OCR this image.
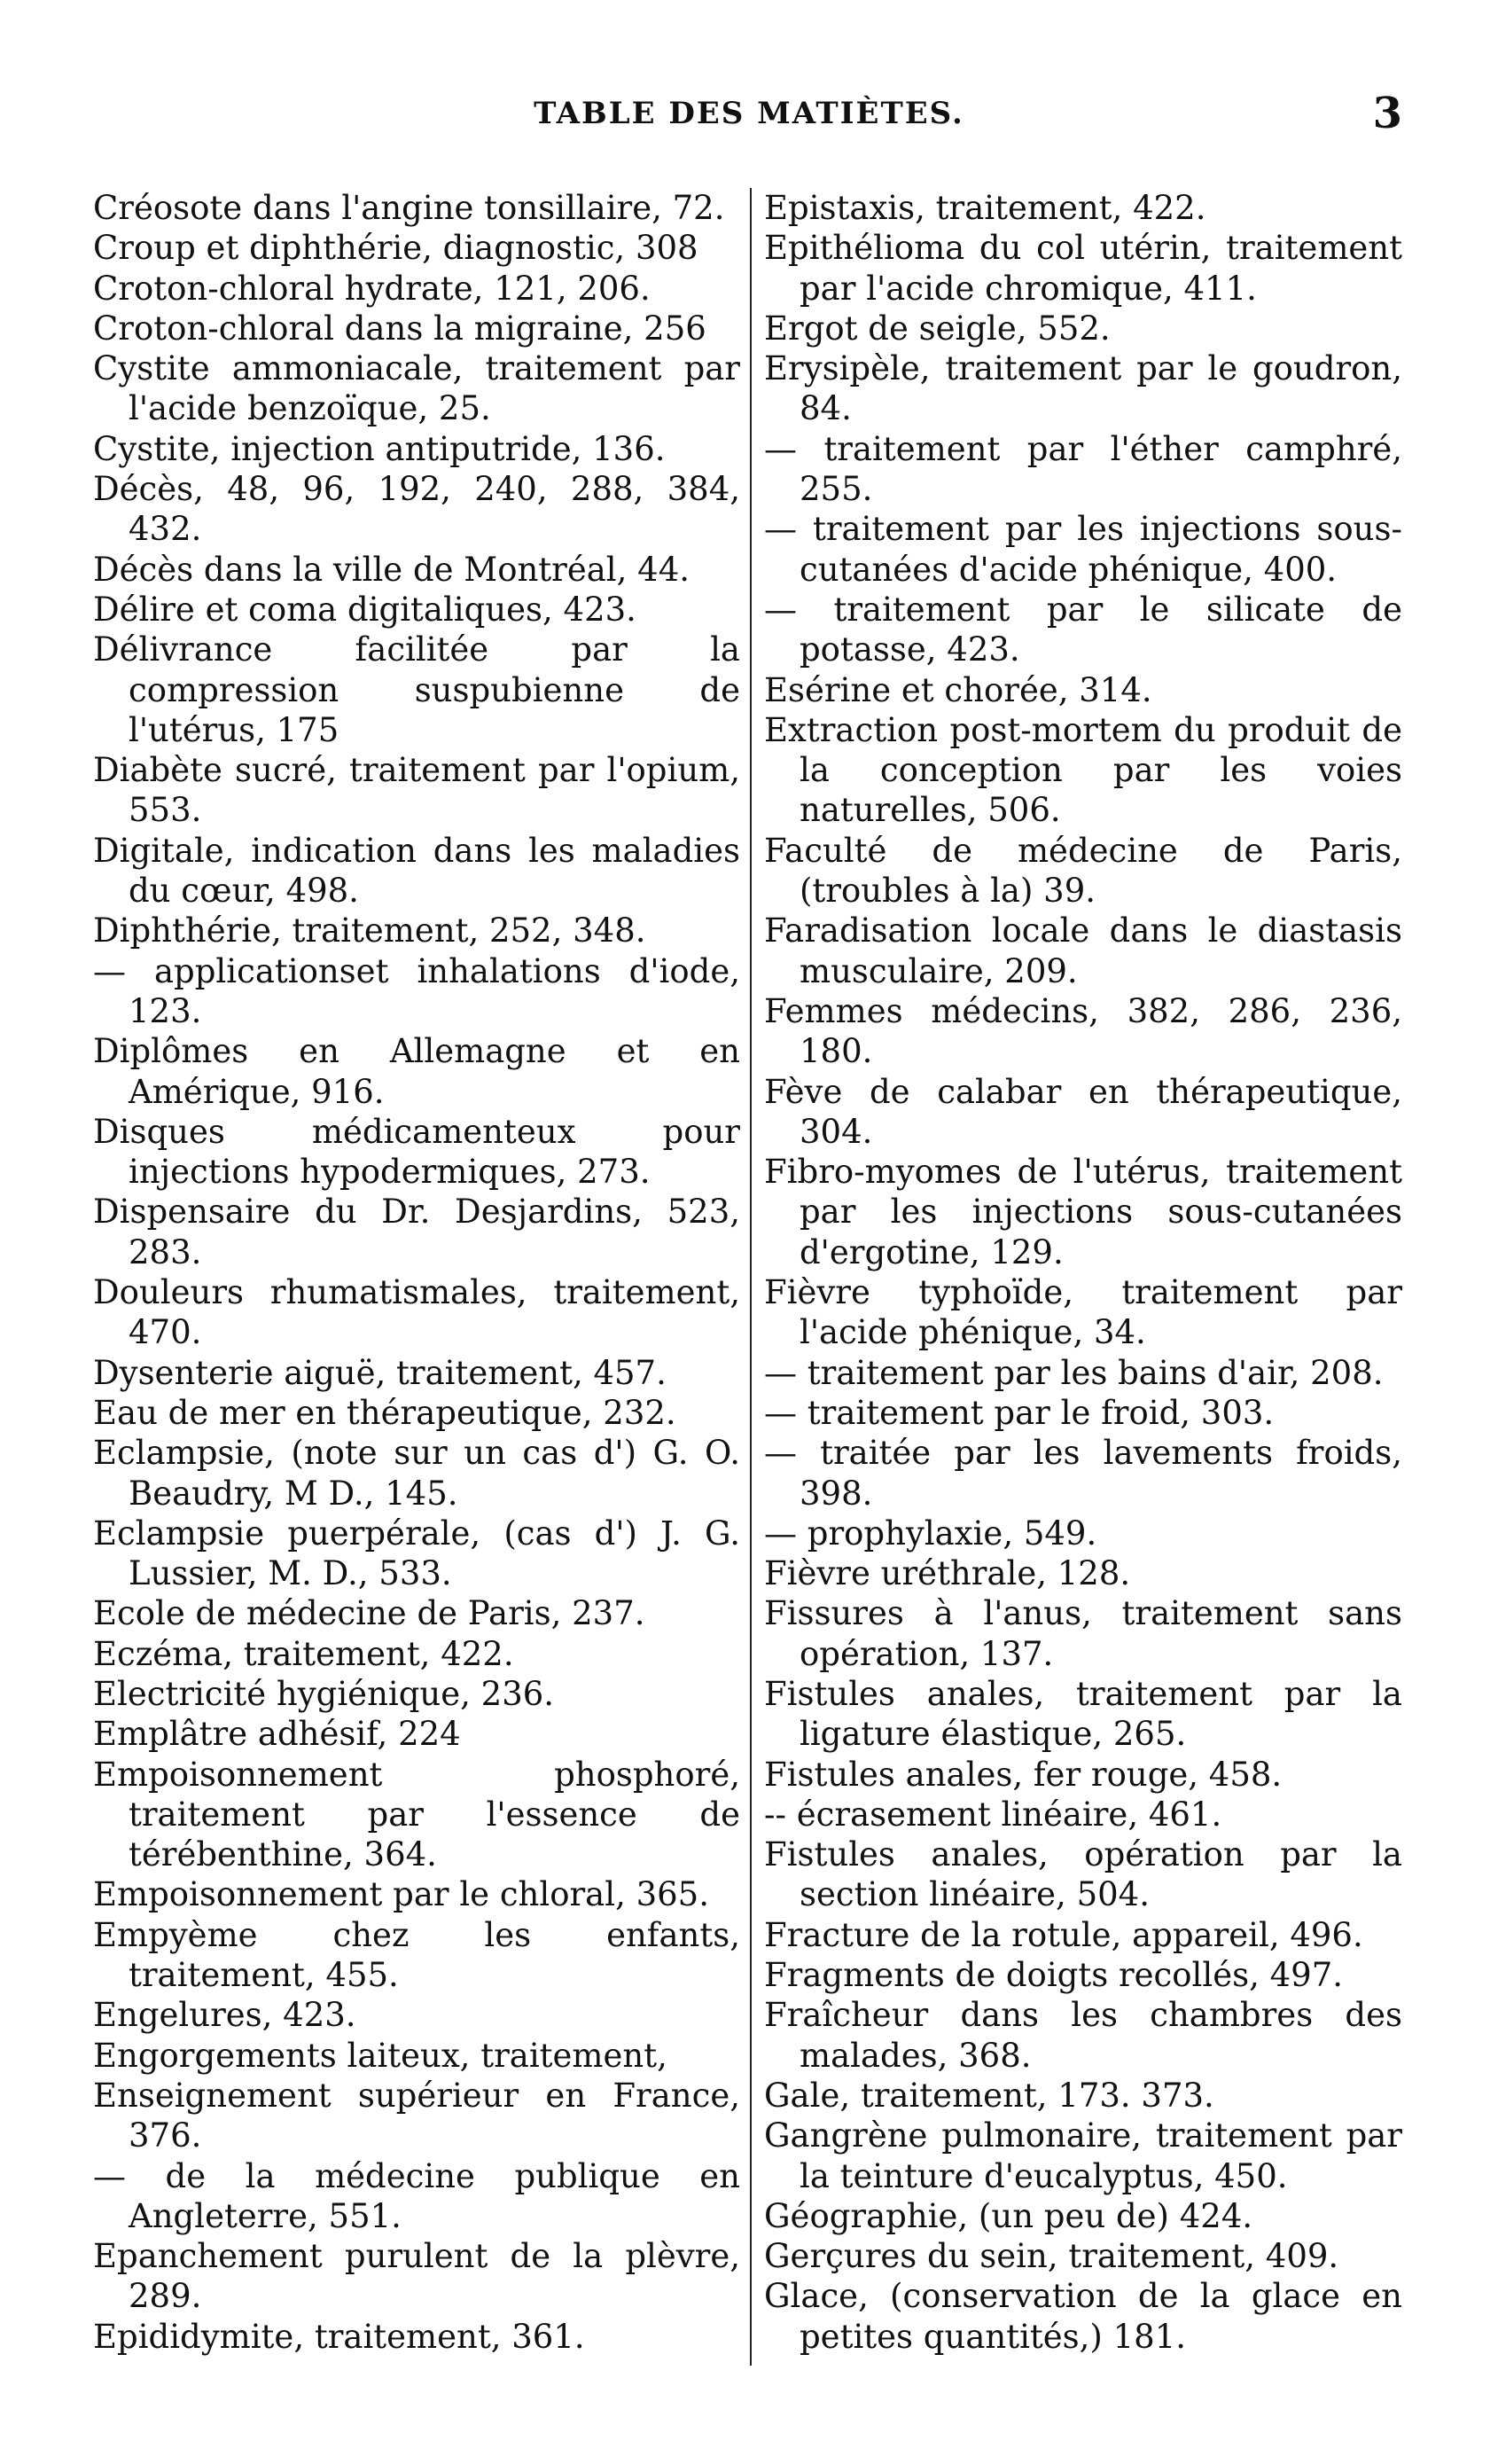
TABLE DES MATIÈTES.	3

Créosote dans l'angine tonsillaire, 72.

Croup et diphthérie, diagnostic, 308

Croton-chloral hydrate, 121, 206.

Croton-chloral dans la migraine, 256

Cystite ammoniacale, traitement par l'acide benzoïque, 25.

Cystite, injection antiputride, 136.

Décès, 48, 96, 192, 240, 288, 384, 432.

Décès dans la ville de Montréal, 44.

Délire et coma digitaliques, 423.

Délivrance facilitée par la compression suspubienne de l'utérus, 175

Diabète sucré, traitement par l'opium, 553.

Digitale, indication dans les maladies du cœur, 498.

Diphthérie, traitement, 252, 348.

— applicationset inhalations d'iode, 123.

Diplômes en Allemagne et en Amérique, 916.

Disques médicamenteux pour injections hypodermiques, 273.

Dispensaire du Dr. Desjardins, 523, 283.

Douleurs rhumatismales, traitement, 470.

Dysenterie aiguë, traitement, 457.

Eau de mer en thérapeutique, 232.

Eclampsie, (note sur un cas d') G. O. Beaudry, M D., 145.

Eclampsie puerpérale, (cas d') J. G. Lussier, M. D., 533.

Ecole de médecine de Paris, 237.

Eczéma, traitement, 422.

Electricité hygiénique, 236.

Emplâtre adhésif, 224

Empoisonnement phosphoré, traitement par l'essence de térébenthine, 364.

Empoisonnement par le chloral, 365.

Empyème chez les enfants, traitement, 455.

Engelures, 423.

Engorgements laiteux, traitement,

Enseignement supérieur en France, 376.

— de la médecine publique en Angleterre, 551.

Epanchement purulent de la plèvre, 289.

Epididymite, traitement, 361.

Epistaxis, traitement, 422.

Epithélioma du col utérin, traitement par l'acide chromique, 411.

Ergot de seigle, 552.

Erysipèle, traitement par le goudron, 84.

— traitement par l'éther camphré, 255.

— traitement par les injections sous-cutanées d'acide phénique, 400.

— traitement par le silicate de potasse, 423.

Esérine et chorée, 314.

Extraction post-mortem du produit de la conception par les voies naturelles, 506.

Faculté de médecine de Paris, (troubles à la) 39.

Faradisation locale dans le diastasis musculaire, 209.

Femmes médecins, 382, 286, 236, 180.

Fève de calabar en thérapeutique, 304.

Fibro-myomes de l'utérus, traitement par les injections sous-cutanées d'ergotine, 129.

Fièvre typhoïde, traitement par l'acide phénique, 34.

— traitement par les bains d'air, 208.

— traitement par le froid, 303.

— traitée par les lavements froids, 398.

— prophylaxie, 549.

Fièvre uréthrale, 128.

Fissures à l'anus, traitement sans opération, 137.

Fistules anales, traitement par la ligature élastique, 265.

Fistules anales, fer rouge, 458.

-- écrasement linéaire, 461.

Fistules anales, opération par la section linéaire, 504.

Fracture de la rotule, appareil, 496.

Fragments de doigts recollés, 497.

Fraîcheur dans les chambres des malades, 368.

Gale, traitement, 173. 373.

Gangrène pulmonaire, traitement par la teinture d'eucalyptus, 450.

Géographie, (un peu de) 424.

Gerçures du sein, traitement, 409.

Glace, (conservation de la glace en petites quantités,) 181.
